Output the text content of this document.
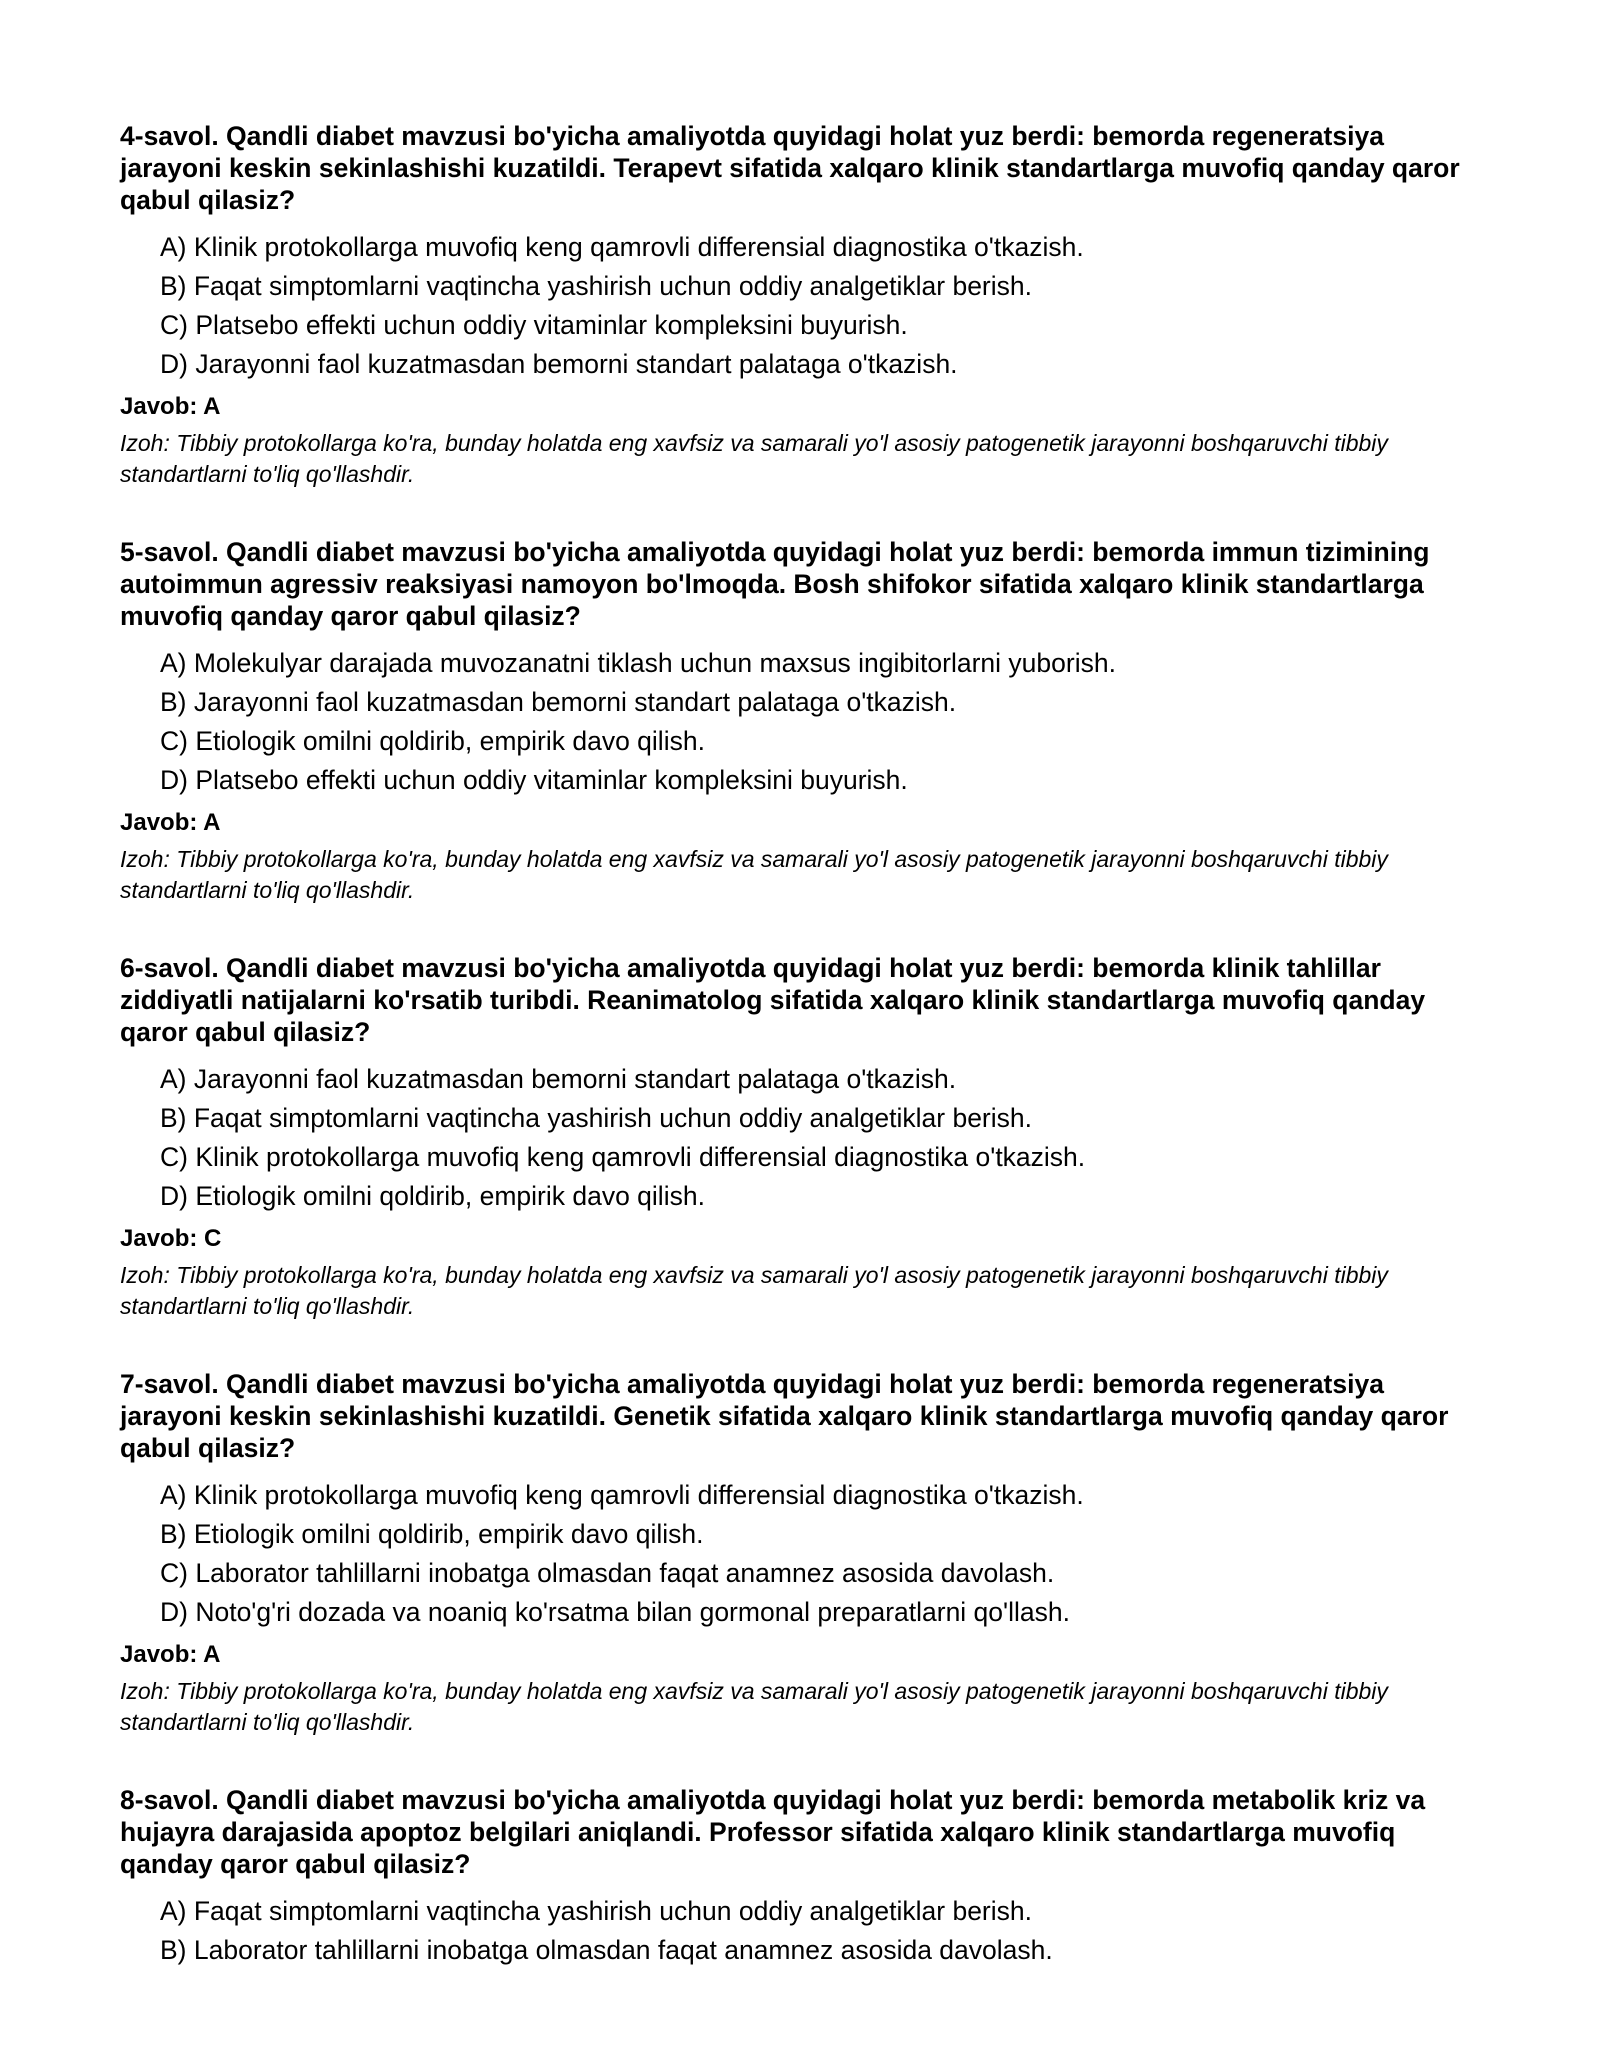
4-savol. Qandli diabet mavzusi bo'yicha amaliyotda quyidagi holat yuz berdi: bemorda regeneratsiya jarayoni keskin sekinlashishi kuzatildi. Terapevt sifatida xalqaro klinik standartlarga muvofiq qanday qaror qabul qilasiz?

A) Klinik protokollarga muvofiq keng qamrovli differensial diagnostika o'tkazish.
B) Faqat simptomlarni vaqtincha yashirish uchun oddiy analgetiklar berish.
C) Platsebo effekti uchun oddiy vitaminlar kompleksini buyurish.
D) Jarayonni faol kuzatmasdan bemorni standart palataga o'tkazish.

Javob: A

Izoh: Tibbiy protokollarga ko'ra, bunday holatda eng xavfsiz va samarali yo'l asosiy patogenetik jarayonni boshqaruvchi tibbiy standartlarni to'liq qo'llashdir.

5-savol. Qandli diabet mavzusi bo'yicha amaliyotda quyidagi holat yuz berdi: bemorda immun tizimining autoimmun agressiv reaksiyasi namoyon bo'lmoqda. Bosh shifokor sifatida xalqaro klinik standartlarga muvofiq qanday qaror qabul qilasiz?

A) Molekulyar darajada muvozanatni tiklash uchun maxsus ingibitorlarni yuborish.
B) Jarayonni faol kuzatmasdan bemorni standart palataga o'tkazish.
C) Etiologik omilni qoldirib, empirik davo qilish.
D) Platsebo effekti uchun oddiy vitaminlar kompleksini buyurish.

Javob: A

Izoh: Tibbiy protokollarga ko'ra, bunday holatda eng xavfsiz va samarali yo'l asosiy patogenetik jarayonni boshqaruvchi tibbiy standartlarni to'liq qo'llashdir.

6-savol. Qandli diabet mavzusi bo'yicha amaliyotda quyidagi holat yuz berdi: bemorda klinik tahlillar ziddiyatli natijalarni ko'rsatib turibdi. Reanimatolog sifatida xalqaro klinik standartlarga muvofiq qanday qaror qabul qilasiz?

A) Jarayonni faol kuzatmasdan bemorni standart palataga o'tkazish.
B) Faqat simptomlarni vaqtincha yashirish uchun oddiy analgetiklar berish.
C) Klinik protokollarga muvofiq keng qamrovli differensial diagnostika o'tkazish.
D) Etiologik omilni qoldirib, empirik davo qilish.

Javob: C

Izoh: Tibbiy protokollarga ko'ra, bunday holatda eng xavfsiz va samarali yo'l asosiy patogenetik jarayonni boshqaruvchi tibbiy standartlarni to'liq qo'llashdir.

7-savol. Qandli diabet mavzusi bo'yicha amaliyotda quyidagi holat yuz berdi: bemorda regeneratsiya jarayoni keskin sekinlashishi kuzatildi. Genetik sifatida xalqaro klinik standartlarga muvofiq qanday qaror qabul qilasiz?

A) Klinik protokollarga muvofiq keng qamrovli differensial diagnostika o'tkazish.
B) Etiologik omilni qoldirib, empirik davo qilish.
C) Laborator tahlillarni inobatga olmasdan faqat anamnez asosida davolash.
D) Noto'g'ri dozada va noaniq ko'rsatma bilan gormonal preparatlarni qo'llash.

Javob: A

Izoh: Tibbiy protokollarga ko'ra, bunday holatda eng xavfsiz va samarali yo'l asosiy patogenetik jarayonni boshqaruvchi tibbiy standartlarni to'liq qo'llashdir.

8-savol. Qandli diabet mavzusi bo'yicha amaliyotda quyidagi holat yuz berdi: bemorda metabolik kriz va hujayra darajasida apoptoz belgilari aniqlandi. Professor sifatida xalqaro klinik standartlarga muvofiq qanday qaror qabul qilasiz?

A) Faqat simptomlarni vaqtincha yashirish uchun oddiy analgetiklar berish.
B) Laborator tahlillarni inobatga olmasdan faqat anamnez asosida davolash.
